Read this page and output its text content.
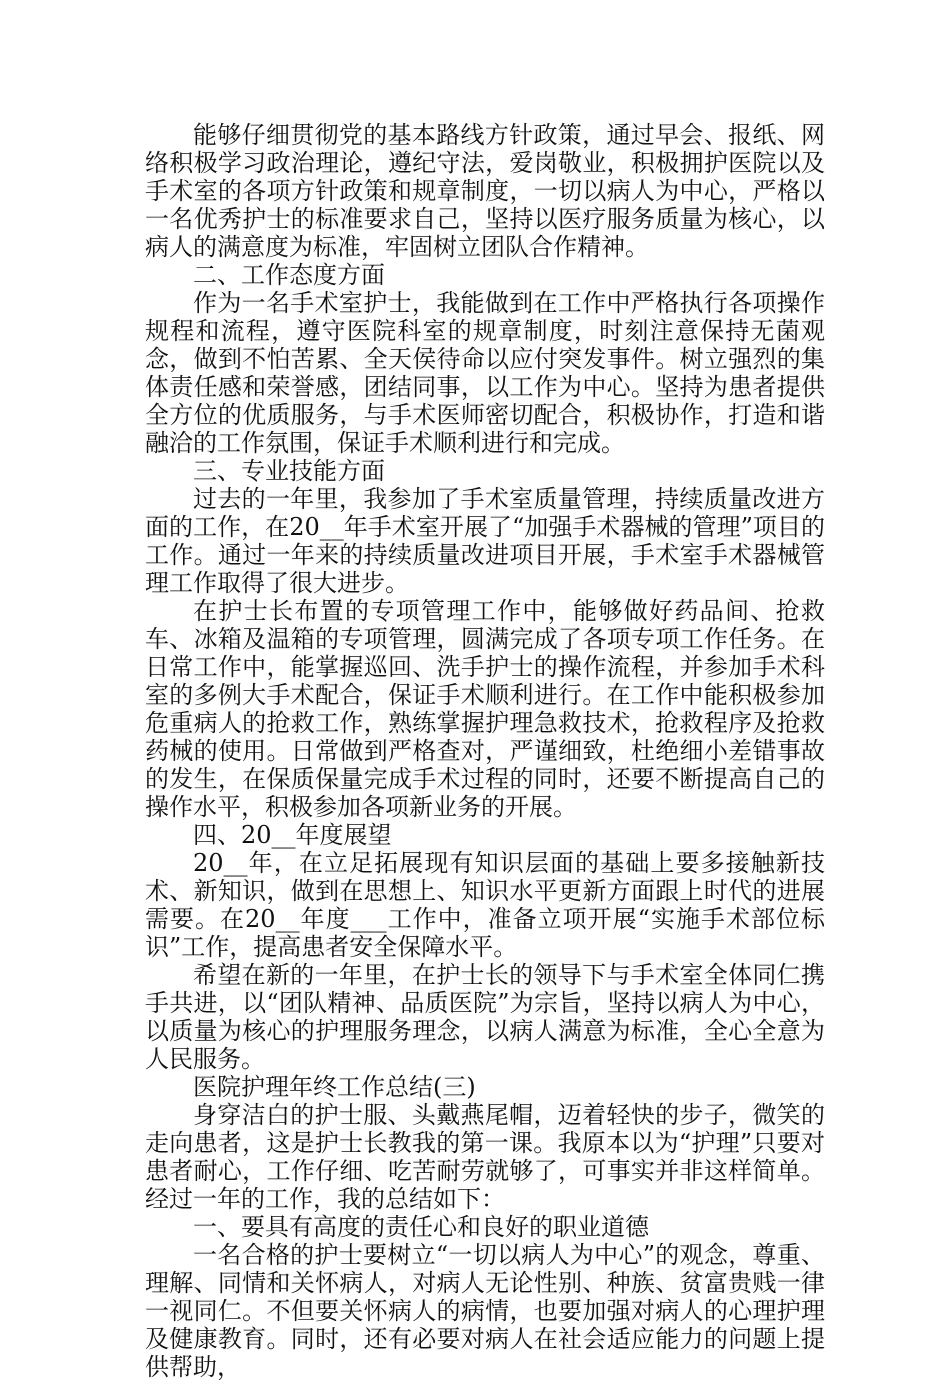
能够仔细贯彻党的基本路线方针政策，通过早会、报纸、网络积极学习政治理论，遵纪守法，爱岗敬业，积极拥护医院以及手术室的各项方针政策和规章制度，一切以病人为中心，严格以一名优秀护士的标准要求自己，坚持以医疗服务质量为核心，以病人的满意度为标准，牢固树立团队合作精神。

二、工作态度方面

作为一名手术室护士，我能做到在工作中严格执行各项操作规程和流程，遵守医院科室的规章制度，时刻注意保持无菌观念，做到不怕苦累、全天侯待命以应付突发事件。树立强烈的集体责任感和荣誉感，团结同事，以工作为中心。坚持为患者提供全方位的优质服务，与手术医师密切配合，积极协作，打造和谐融洽的工作氛围，保证手术顺利进行和完成。

三、专业技能方面

过去的一年里，我参加了手术室质量管理，持续质量改进方面的工作，在20__年手术室开展了“加强手术器械的管理”项目的工作。通过一年来的持续质量改进项目开展，手术室手术器械管理工作取得了很大进步。

在护士长布置的专项管理工作中，能够做好药品间、抢救车、冰箱及温箱的专项管理，圆满完成了各项专项工作任务。在日常工作中，能掌握巡回、洗手护士的操作流程，并参加手术科室的多例大手术配合，保证手术顺利进行。在工作中能积极参加危重病人的抢救工作，熟练掌握护理急救技术，抢救程序及抢救药械的使用。日常做到严格查对，严谨细致，杜绝细小差错事故的发生，在保质保量完成手术过程的同时，还要不断提高自己的操作水平，积极参加各项新业务的开展。

四、20__年度展望

20__年，在立足拓展现有知识层面的基础上要多接触新技术、新知识，做到在思想上、知识水平更新方面跟上时代的进展需要。在20__年度___工作中，准备立项开展“实施手术部位标识”工作，提高患者安全保障水平。

希望在新的一年里，在护士长的领导下与手术室全体同仁携手共进，以“团队精神、品质医院”为宗旨，坚持以病人为中心，以质量为核心的护理服务理念，以病人满意为标准，全心全意为人民服务。

医院护理年终工作总结(三)

身穿洁白的护士服、头戴燕尾帽，迈着轻快的步子，微笑的走向患者，这是护士长教我的第一课。我原本以为“护理”只要对患者耐心，工作仔细、吃苦耐劳就够了，可事实并非这样简单。经过一年的工作，我的总结如下：

一、要具有高度的责任心和良好的职业道德

一名合格的护士要树立“一切以病人为中心”的观念，尊重、理解、同情和关怀病人，对病人无论性别、种族、贫富贵贱一律一视同仁。不但要关怀病人的病情，也要加强对病人的心理护理及健康教育。同时，还有必要对病人在社会适应能力的问题上提供帮助，
